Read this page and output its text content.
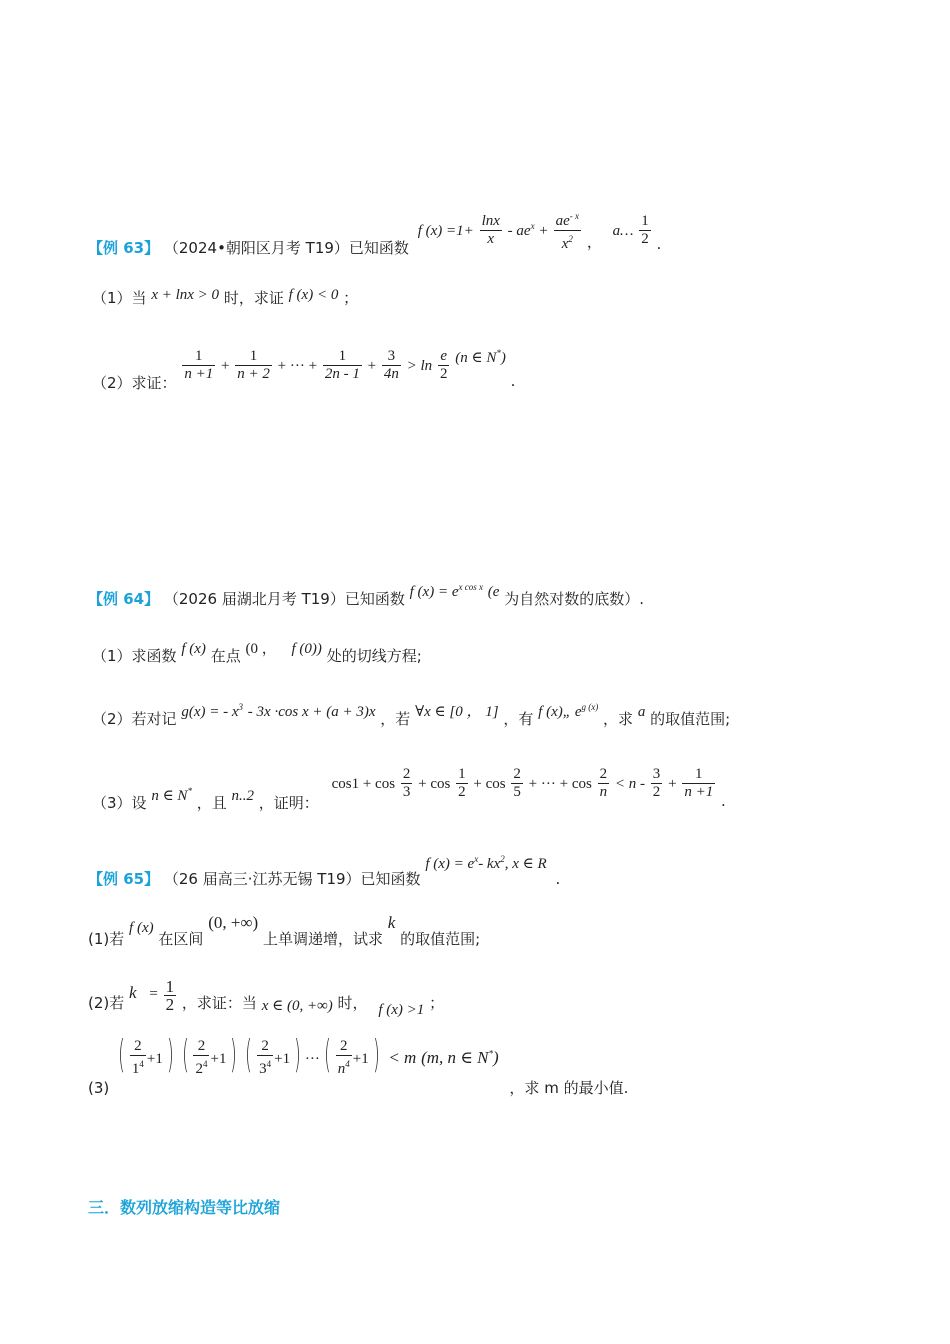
【例 63】 （2024•朝阳区月考 T19）已知函数 f $(x) =1+ \frac{\ln x}{x} - ae^x + \frac{ae^{- x}}{x^2}$ ， a… $\frac{1}{2}$ .
（1）当 x + lnx > 0 时，求证 f (x) < 0 ；
（2）求证： $\frac{1}{n +1} + \frac{1}{n + 2}$ + ··· + $\frac{1}{2n - 1} + \frac{3}{4n} > \ln \frac{e}{2} (n$ ∈ N*) .
【例 64】 （2026 届湖北月考 T19）已知函数 f $(x) = e^{x cos x}$ (e 为自然对数的底数）.
（1）求函数 f (x) 在点 (0 ， f (0)) 处的切线方程;
（2）若对记 g(x) = - $x^3 - 3x \cdot\cos$ x + (a + 3)x ，若 ∀x ∈ [0 ， 1] ，有 f (x)„ $e^{g (x)}$ ，求 a 的取值范围;
（3）设 n ∈ N* ，且 n..2 ，证明： $\cos 1 + \cos \frac{2}{3} + \cos \frac{1}{2} + \cos \frac{2}{5}$ + ··· + $\cos \frac{2}{n} < n - \frac{3}{2} + \frac{1}{n +1}$ .
【例 65】 （26 届高三·江苏无锡 T19）已知函数 f $(x) = e^x-$ $kx^2$, x ∈ R .
(1)若 f (x) 在区间 (0, +∞) 上单调递增，试求 k 的取值范围;
(2)若 $k = \frac{1}{2}$ ，求证：当 x ∈ (0, +∞) 时， f (x) >1 ；
(3) ( $\frac{2}{1^4} +1$ ) ( $\frac{2}{2^4} +1$ ) ( $\frac{2}{3^4} +1$ ) ··· ( $\frac{2}{n^4} +1$ ) < m (m, n ∈ N*) ，求 m 的最小值.
三．数列放缩构造等比放缩
